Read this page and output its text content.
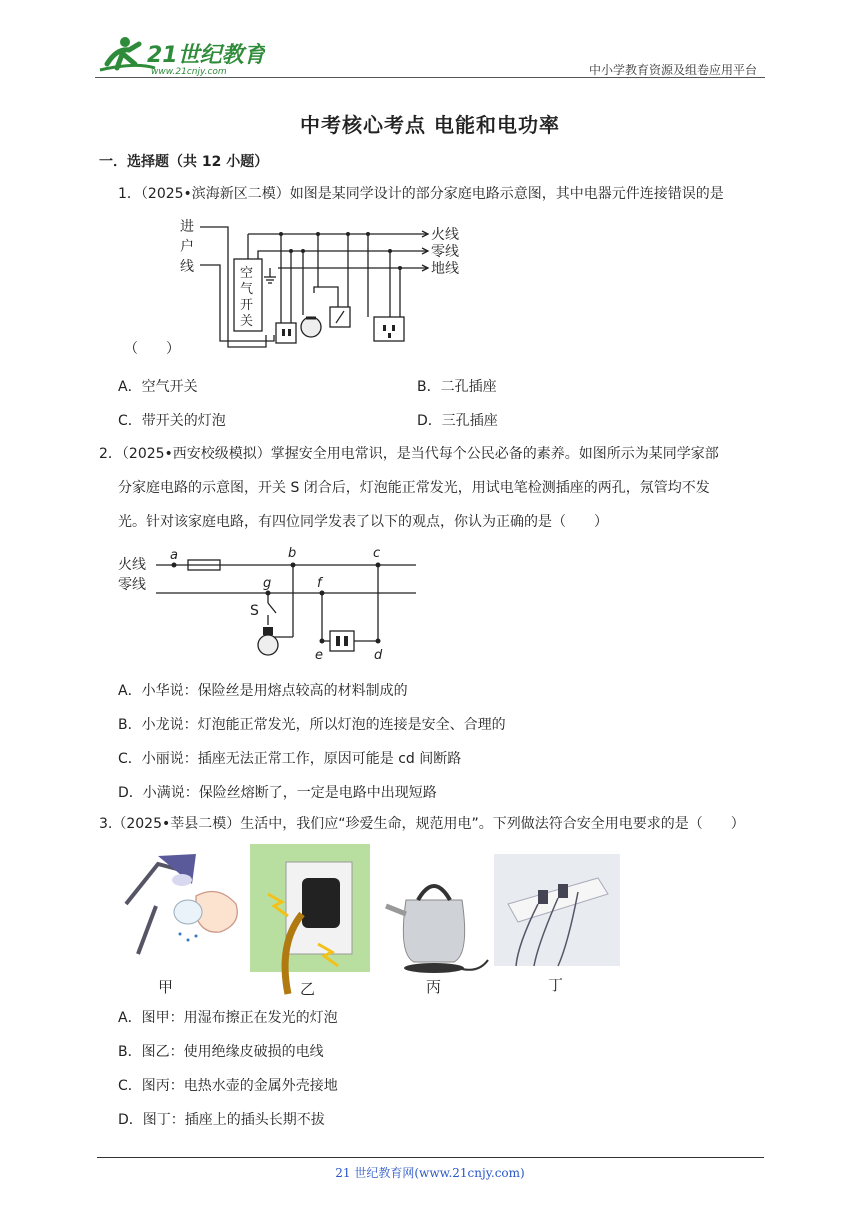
21世纪教育
www.21cnjy.com	中小学教育资源及组卷应用平台
中考核心考点 电能和电功率
一．选择题（共 12 小题）
1．（2025•滨海新区二模）如图是某同学设计的部分家庭电路示意图，其中电器元件连接错误的是
进
户
线	空
气
开
关
火线
零线
地线
（　　）
A．空气开关	B．二孔插座
C．带开关的灯泡	D．三孔插座
2．（2025•西安校级模拟）掌握安全用电常识，是当代每个公民必备的素养。如图所示为某同学家部
分家庭电路的示意图，开关 S 闭合后，灯泡能正常发光，用试电笔检测插座的两孔，氖管均不发
光。针对该家庭电路，有四位同学发表了以下的观点，你认为正确的是（　　）
火线
零线
a	b	c
g	f
S
e	d
A．小华说：保险丝是用熔点较高的材料制成的
B．小龙说：灯泡能正常发光，所以灯泡的连接是安全、合理的
C．小丽说：插座无法正常工作，原因可能是 cd 间断路
D．小满说：保险丝熔断了，一定是电路中出现短路
3.（2025•莘县二模）生活中，我们应“珍爱生命，规范用电”。下列做法符合安全用电要求的是（　　）
甲	乙	丙	丁
A．图甲：用湿布擦正在发光的灯泡
B．图乙：使用绝缘皮破损的电线
C．图丙：电热水壶的金属外壳接地
D．图丁：插座上的插头长期不拔
21 世纪教育网(www.21cnjy.com)
